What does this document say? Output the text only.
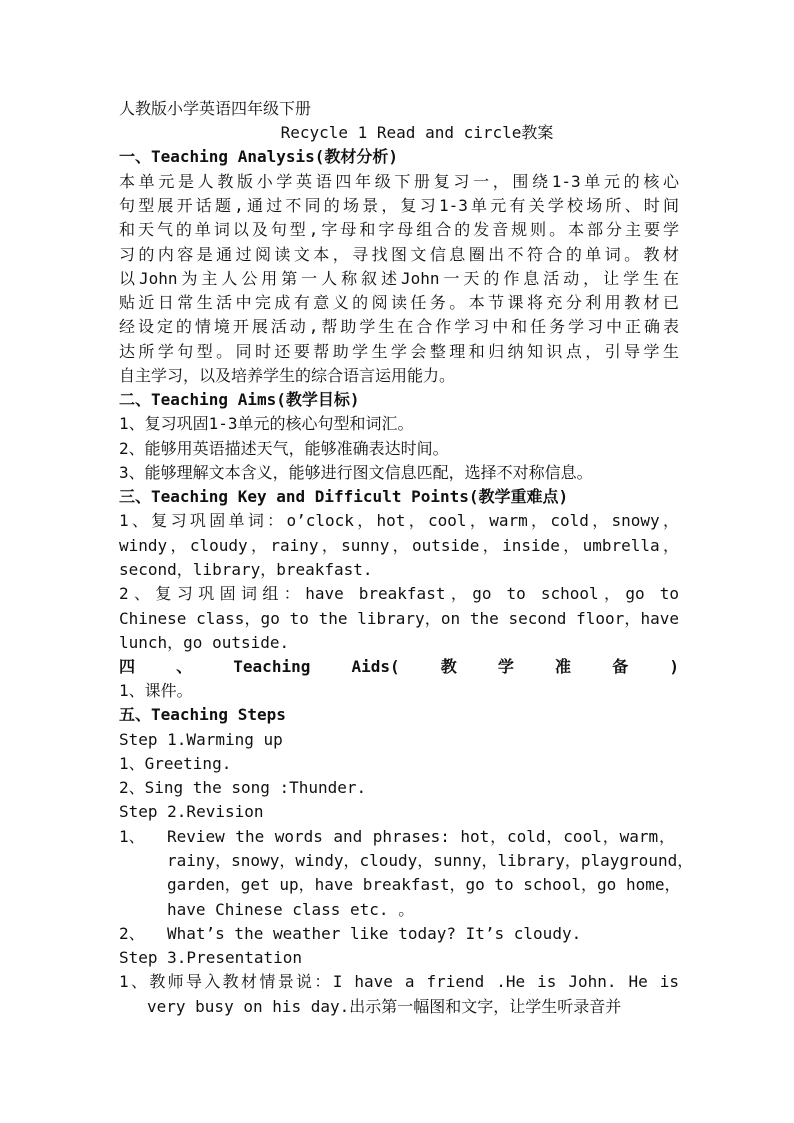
人教版小学英语四年级下册
Recycle 1 Read and circle教案
一、Teaching Analysis(教材分析)
本单元是人教版小学英语四年级下册复习一，围绕1-3单元的核心
句型展开话题,通过不同的场景，复习1-3单元有关学校场所、时间
和天气的单词以及句型,字母和字母组合的发音规则。本部分主要学
习的内容是通过阅读文本，寻找图文信息圈出不符合的单词。教材
以John为主人公用第一人称叙述John一天的作息活动，让学生在
贴近日常生活中完成有意义的阅读任务。本节课将充分利用教材已
经设定的情境开展活动,帮助学生在合作学习中和任务学习中正确表
达所学句型。同时还要帮助学生学会整理和归纳知识点，引导学生
自主学习，以及培养学生的综合语言运用能力。
二、Teaching Aims(教学目标)
1、复习巩固1-3单元的核心句型和词汇。
2、能够用英语描述天气，能够准确表达时间。
3、能够理解文本含义，能够进行图文信息匹配，选择不对称信息。
三、Teaching Key and Difficult Points(教学重难点)
1、复习巩固单词：o’clock，hot，cool，warm，cold，snowy，
windy，cloudy，rainy，sunny，outside，inside，umbrella，
second，library，breakfast.
2、复习巩固词组：have breakfast，go to school，go to
Chinese class，go to the library，on the second floor，have
lunch，go outside.
四	、	Teaching	Aids(	教	学	准	备	)
1、课件。
五、Teaching Steps
Step 1.Warming up
1、Greeting.
2、Sing the song :Thunder.
Step 2.Revision
1、 Review the words and phrases: hot，cold，cool，warm，
rainy，snowy，windy，cloudy，sunny，library，playground，
garden，get up，have breakfast，go to school，go home，
have Chinese class etc. 。
2、 What’s the weather like today? It’s cloudy.
Step 3.Presentation
1、教师导入教材情景说：I have a friend .He is John. He is
very busy on his day.出示第一幅图和文字，让学生听录音并
